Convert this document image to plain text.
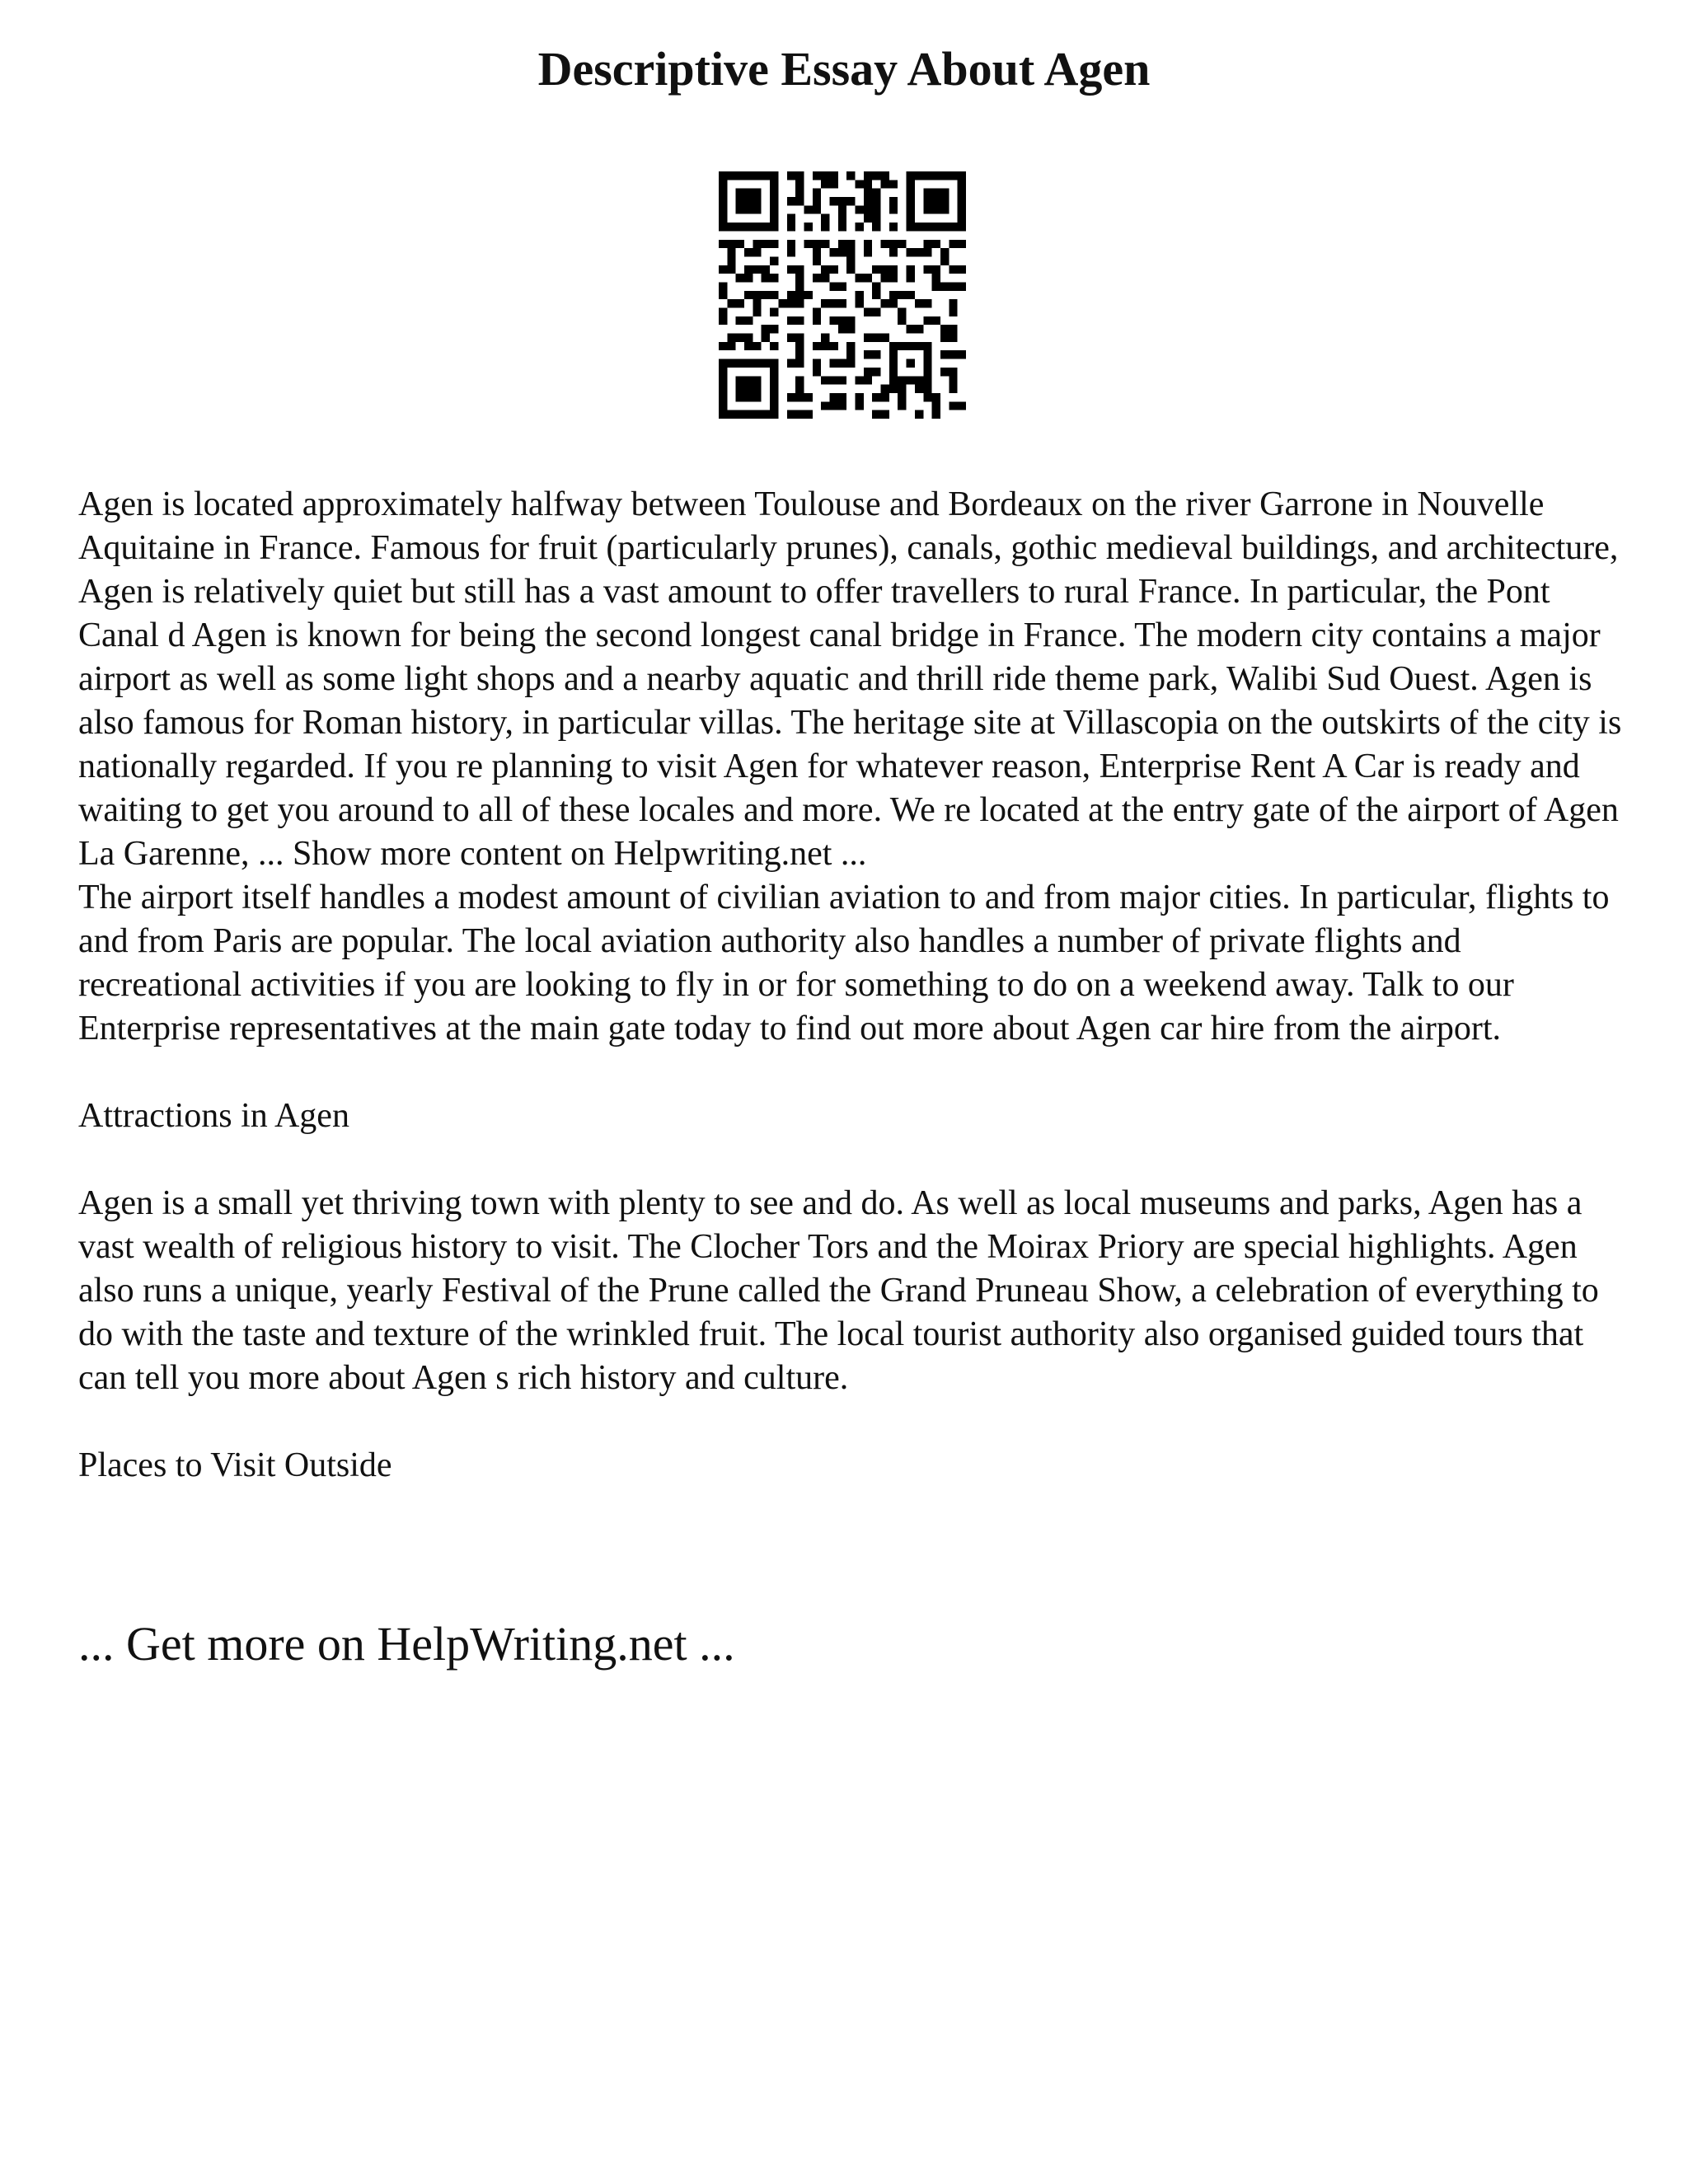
Descriptive Essay About Agen

Agen is located approximately halfway between Toulouse and Bordeaux on the river Garrone in Nouvelle Aquitaine in France. Famous for fruit (particularly prunes), canals, gothic medieval buildings, and architecture, Agen is relatively quiet but still has a vast amount to offer travellers to rural France. In particular, the Pont Canal d Agen is known for being the second longest canal bridge in France. The modern city contains a major airport as well as some light shops and a nearby aquatic and thrill ride theme park, Walibi Sud Ouest. Agen is also famous for Roman history, in particular villas. The heritage site at Villascopia on the outskirts of the city is nationally regarded. If you re planning to visit Agen for whatever reason, Enterprise Rent A Car is ready and waiting to get you around to all of these locales and more. We re located at the entry gate of the airport of Agen La Garenne, ... Show more content on Helpwriting.net ...

The airport itself handles a modest amount of civilian aviation to and from major cities. In particular, flights to and from Paris are popular. The local aviation authority also handles a number of private flights and recreational activities if you are looking to fly in or for something to do on a weekend away. Talk to our Enterprise representatives at the main gate today to find out more about Agen car hire from the airport.

Attractions in Agen

Agen is a small yet thriving town with plenty to see and do. As well as local museums and parks, Agen has a vast wealth of religious history to visit. The Clocher Tors and the Moirax Priory are special highlights. Agen also runs a unique, yearly Festival of the Prune called the Grand Pruneau Show, a celebration of everything to do with the taste and texture of the wrinkled fruit. The local tourist authority also organised guided tours that can tell you more about Agen s rich history and culture.

Places to Visit Outside

... Get more on HelpWriting.net ...
